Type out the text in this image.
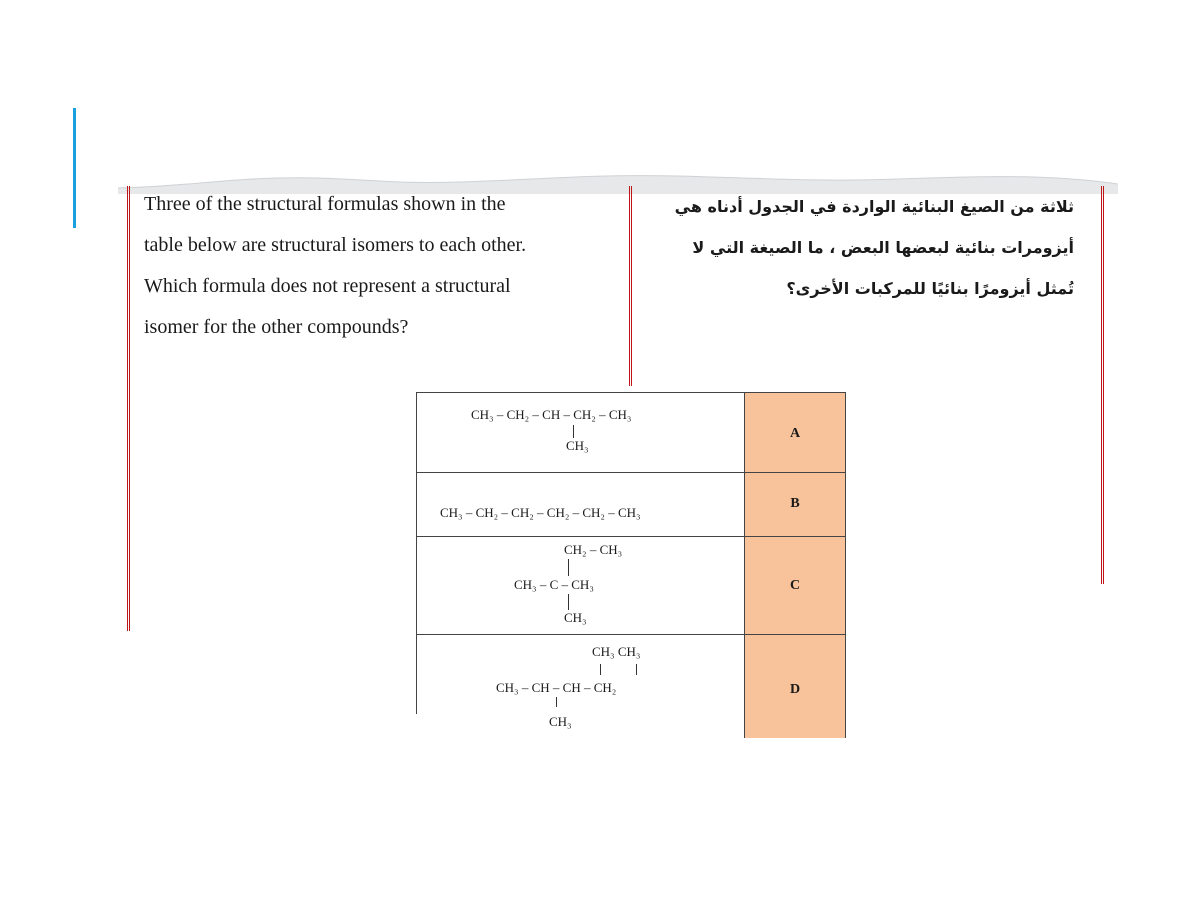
Three of the structural formulas shown in the
table below are structural isomers to each other.
Which formula does not represent a structural
isomer for the other compounds?
ثلاثة من الصيغ البنائية الواردة في الجدول أدناه هي
أيزومرات بنائية لبعضها البعض ، ما الصيغة التي لا
تُمثل أيزومرًا بنائيًا للمركبات الأخرى؟
CH₃ – CH₂ – CH – CH₂ – CH₃
CH₃
A
CH₃ – CH₂ – CH₂ – CH₂ – CH₂ – CH₃
B
CH₂ – CH₃
CH₃ – C – CH₃
CH₃
C
CH₃ CH₃
CH₃ – CH – CH – CH₂
CH₃
D
